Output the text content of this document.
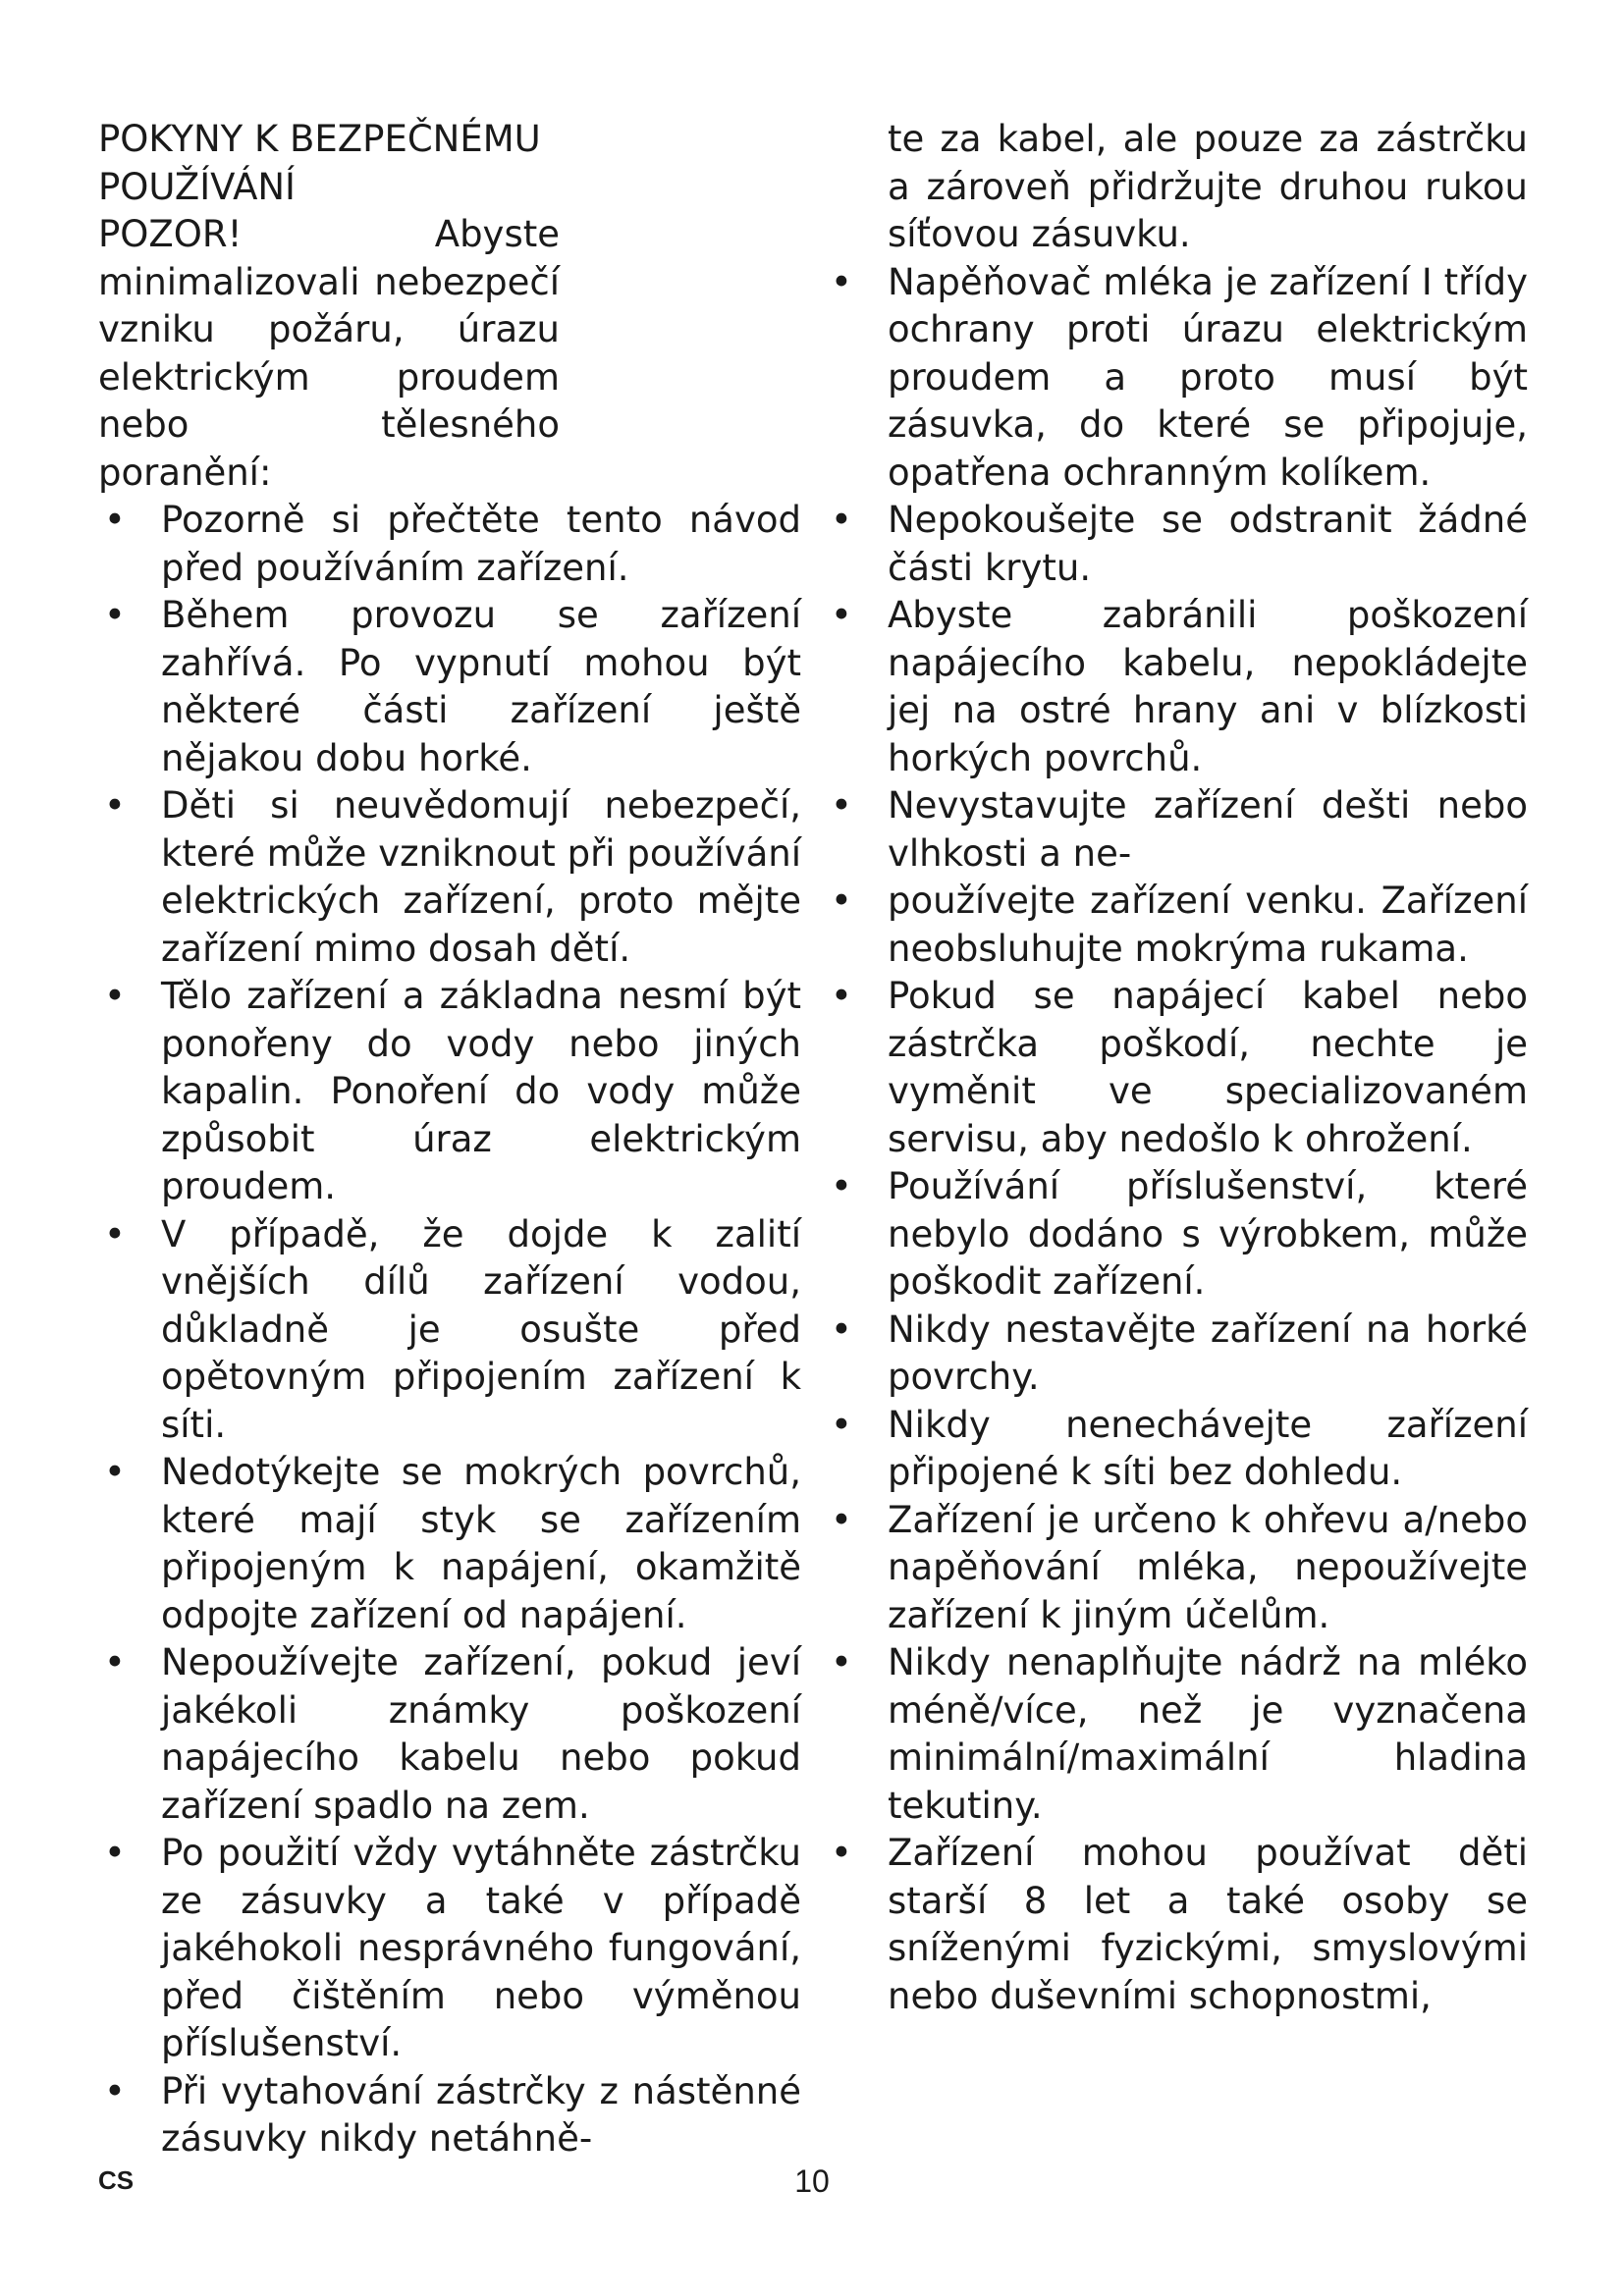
POKYNY K BEZPEČNÉMU POUŽÍVÁNÍ

POZOR! Abyste minimalizovali nebezpečí vzniku požáru, úrazu elektrickým proudem nebo tělesného poranění:

• Pozorně si přečtěte tento návod před používáním zařízení.
• Během provozu se zařízení zahřívá. Po vypnutí mohou být některé části zařízení ještě nějakou dobu horké.
• Děti si neuvědomují nebezpečí, které může vzniknout při používání elektrických zařízení, proto mějte zařízení mimo dosah dětí.
• Tělo zařízení a základna nesmí být ponořeny do vody nebo jiných kapalin. Ponoření do vody může způsobit úraz elektrickým proudem.
• V případě, že dojde k zalití vnějších dílů zařízení vodou, důkladně je osušte před opětovným připojením zařízení k síti.
• Nedotýkejte se mokrých povrchů, které mají styk se zařízením připojeným k napájení, okamžitě odpojte zařízení od napájení.
• Nepoužívejte zařízení, pokud jeví jakékoli známky poškození napájecího kabelu nebo pokud zařízení spadlo na zem.
• Po použití vždy vytáhněte zástrčku ze zásuvky a také v případě jakéhokoli nesprávného fungování, před čištěním nebo výměnou příslušenství.
• Při vytahování zástrčky z nástěnné zásuvky nikdy netáhně-
te za kabel, ale pouze za zástrčku a zároveň přidržujte druhou rukou síťovou zásuvku.
• Napěňovač mléka je zařízení I třídy ochrany proti úrazu elektrickým proudem a proto musí být zásuvka, do které se připojuje, opatřena ochranným kolíkem.
• Nepokoušejte se odstranit žádné části krytu.
• Abyste zabránili poškození napájecího kabelu, nepokládejte jej na ostré hrany ani v blízkosti horkých povrchů.
• Nevystavujte zařízení dešti nebo vlhkosti a ne-
• používejte zařízení venku. Zařízení neobsluhujte mokrýma rukama.
• Pokud se napájecí kabel nebo zástrčka poškodí, nechte je vyměnit ve specializovaném servisu, aby nedošlo k ohrožení.
• Používání příslušenství, které nebylo dodáno s výrobkem, může poškodit zařízení.
• Nikdy nestavějte zařízení na horké povrchy.
• Nikdy nenechávejte zařízení připojené k síti bez dohledu.
• Zařízení je určeno k ohřevu a/nebo napěňování mléka, nepoužívejte zařízení k jiným účelům.
• Nikdy nenaplňujte nádrž na mléko méně/více, než je vyznačena minimální/maximální hladina tekutiny.
• Zařízení mohou používat děti starší 8 let a také osoby se sníženými fyzickými, smyslovými nebo duševními schopnostmi,
CS	10
